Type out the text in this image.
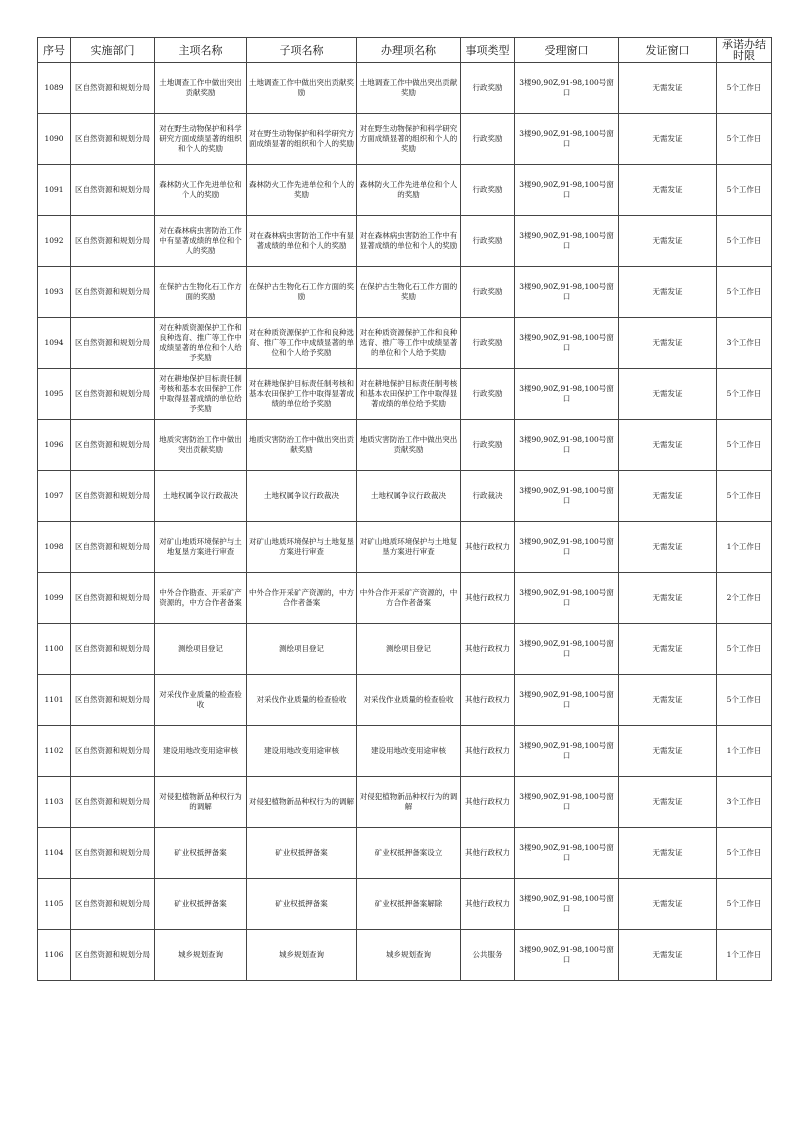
序号	实施部门	主项名称	子项名称	办理项名称	事项类型	受理窗口	发证窗口	承诺办结时限
1089	区自然资源和规划分局	土地调查工作中做出突出贡献奖励	土地调查工作中做出突出贡献奖励	土地调查工作中做出突出贡献奖励	行政奖励	3楼90,90Z,91-98,100号窗口	无需发证	5个工作日
1090	区自然资源和规划分局	对在野生动物保护和科学研究方面成绩显著的组织和个人的奖励	对在野生动物保护和科学研究方面成绩显著的组织和个人的奖励	对在野生动物保护和科学研究方面成绩显著的组织和个人的奖励	行政奖励	3楼90,90Z,91-98,100号窗口	无需发证	5个工作日
1091	区自然资源和规划分局	森林防火工作先进单位和个人的奖励	森林防火工作先进单位和个人的奖励	森林防火工作先进单位和个人的奖励	行政奖励	3楼90,90Z,91-98,100号窗口	无需发证	5个工作日
1092	区自然资源和规划分局	对在森林病虫害防治工作中有显著成绩的单位和个人的奖励	对在森林病虫害防治工作中有显著成绩的单位和个人的奖励	对在森林病虫害防治工作中有显著成绩的单位和个人的奖励	行政奖励	3楼90,90Z,91-98,100号窗口	无需发证	5个工作日
1093	区自然资源和规划分局	在保护古生物化石工作方面的奖励	在保护古生物化石工作方面的奖励	在保护古生物化石工作方面的奖励	行政奖励	3楼90,90Z,91-98,100号窗口	无需发证	5个工作日
1094	区自然资源和规划分局	对在种质资源保护工作和良种选育、推广等工作中成绩显著的单位和个人给予奖励	对在种质资源保护工作和良种选育、推广等工作中成绩显著的单位和个人给予奖励	对在种质资源保护工作和良种选育、推广等工作中成绩显著的单位和个人给予奖励	行政奖励	3楼90,90Z,91-98,100号窗口	无需发证	3个工作日
1095	区自然资源和规划分局	对在耕地保护目标责任制考核和基本农田保护工作中取得显著成绩的单位给予奖励	对在耕地保护目标责任制考核和基本农田保护工作中取得显著成绩的单位给予奖励	对在耕地保护目标责任制考核和基本农田保护工作中取得显著成绩的单位给予奖励	行政奖励	3楼90,90Z,91-98,100号窗口	无需发证	5个工作日
1096	区自然资源和规划分局	地质灾害防治工作中做出突出贡献奖励	地质灾害防治工作中做出突出贡献奖励	地质灾害防治工作中做出突出贡献奖励	行政奖励	3楼90,90Z,91-98,100号窗口	无需发证	5个工作日
1097	区自然资源和规划分局	土地权属争议行政裁决	土地权属争议行政裁决	土地权属争议行政裁决	行政裁决	3楼90,90Z,91-98,100号窗口	无需发证	5个工作日
1098	区自然资源和规划分局	对矿山地质环境保护与土地复垦方案进行审查	对矿山地质环境保护与土地复垦方案进行审查	对矿山地质环境保护与土地复垦方案进行审查	其他行政权力	3楼90,90Z,91-98,100号窗口	无需发证	1个工作日
1099	区自然资源和规划分局	中外合作勘查、开采矿产资源的，中方合作者备案	中外合作开采矿产资源的，中方合作者备案	中外合作开采矿产资源的，中方合作者备案	其他行政权力	3楼90,90Z,91-98,100号窗口	无需发证	2个工作日
1100	区自然资源和规划分局	测绘项目登记	测绘项目登记	测绘项目登记	其他行政权力	3楼90,90Z,91-98,100号窗口	无需发证	5个工作日
1101	区自然资源和规划分局	对采伐作业质量的检查验收	对采伐作业质量的检查验收	对采伐作业质量的检查验收	其他行政权力	3楼90,90Z,91-98,100号窗口	无需发证	5个工作日
1102	区自然资源和规划分局	建设用地改变用途审核	建设用地改变用途审核	建设用地改变用途审核	其他行政权力	3楼90,90Z,91-98,100号窗口	无需发证	1个工作日
1103	区自然资源和规划分局	对侵犯植物新品种权行为的调解	对侵犯植物新品种权行为的调解	对侵犯植物新品种权行为的调解	其他行政权力	3楼90,90Z,91-98,100号窗口	无需发证	3个工作日
1104	区自然资源和规划分局	矿业权抵押备案	矿业权抵押备案	矿业权抵押备案设立	其他行政权力	3楼90,90Z,91-98,100号窗口	无需发证	5个工作日
1105	区自然资源和规划分局	矿业权抵押备案	矿业权抵押备案	矿业权抵押备案解除	其他行政权力	3楼90,90Z,91-98,100号窗口	无需发证	5个工作日
1106	区自然资源和规划分局	城乡规划查询	城乡规划查询	城乡规划查询	公共服务	3楼90,90Z,91-98,100号窗口	无需发证	1个工作日
